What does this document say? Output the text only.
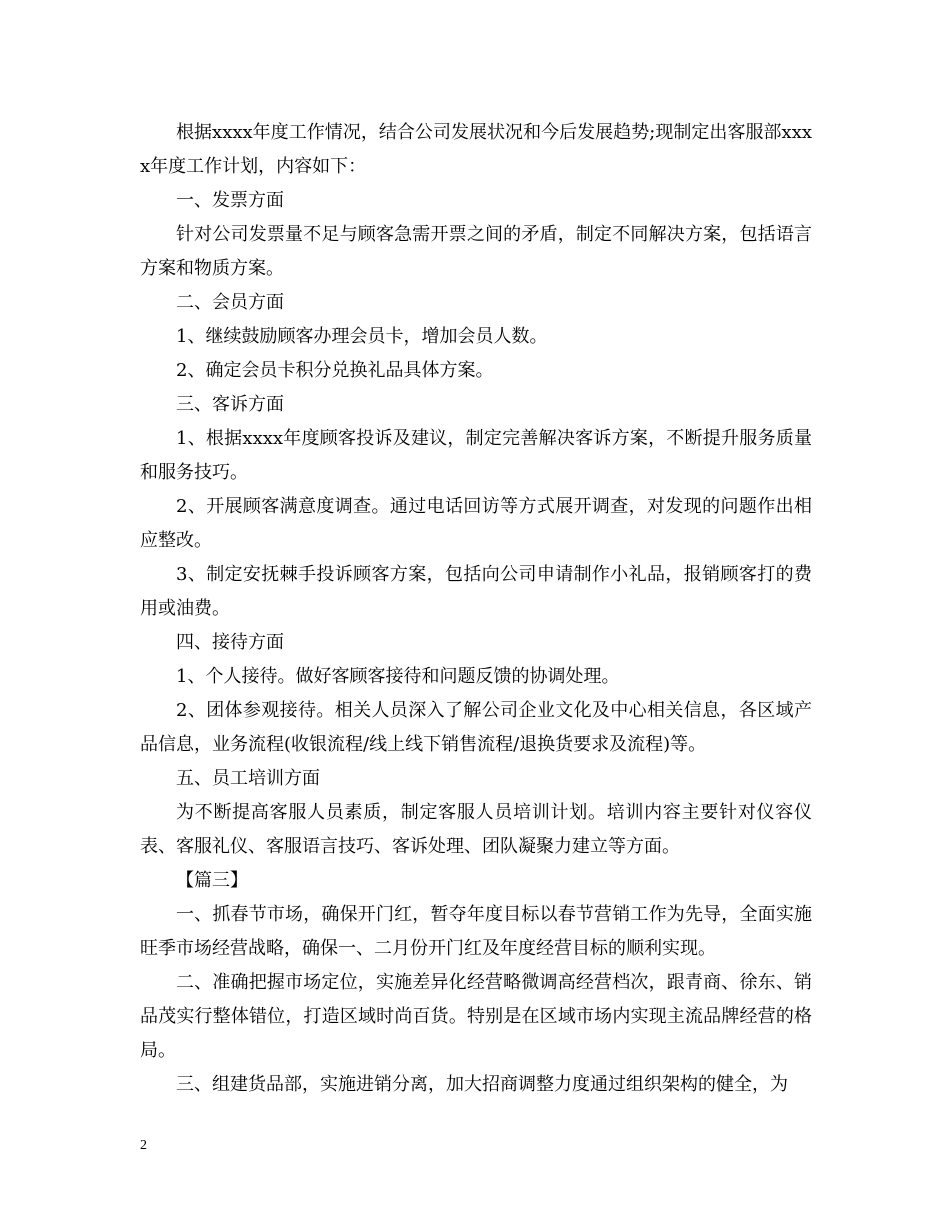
根据xxxx年度工作情况，结合公司发展状况和今后发展趋势;现制定出客服部xxxx年度工作计划，内容如下：

一、发票方面

针对公司发票量不足与顾客急需开票之间的矛盾，制定不同解决方案，包括语言方案和物质方案。

二、会员方面

1、继续鼓励顾客办理会员卡，增加会员人数。

2、确定会员卡积分兑换礼品具体方案。

三、客诉方面

1、根据xxxx年度顾客投诉及建议，制定完善解决客诉方案，不断提升服务质量和服务技巧。

2、开展顾客满意度调查。通过电话回访等方式展开调查，对发现的问题作出相应整改。

3、制定安抚棘手投诉顾客方案，包括向公司申请制作小礼品，报销顾客打的费用或油费。

四、接待方面

1、个人接待。做好客顾客接待和问题反馈的协调处理。

2、团体参观接待。相关人员深入了解公司企业文化及中心相关信息，各区域产品信息，业务流程(收银流程/线上线下销售流程/退换货要求及流程)等。

五、员工培训方面

为不断提高客服人员素质，制定客服人员培训计划。培训内容主要针对仪容仪表、客服礼仪、客服语言技巧、客诉处理、团队凝聚力建立等方面。

【篇三】

一、抓春节市场，确保开门红，暂夺年度目标以春节营销工作为先导，全面实施旺季市场经营战略，确保一、二月份开门红及年度经营目标的顺利实现。

二、准确把握市场定位，实施差异化经营略微调高经营档次，跟青商、徐东、销品茂实行整体错位，打造区域时尚百货。特别是在区域市场内实现主流品牌经营的格局。

三、组建货品部，实施进销分离，加大招商调整力度通过组织架构的健全，为

2
